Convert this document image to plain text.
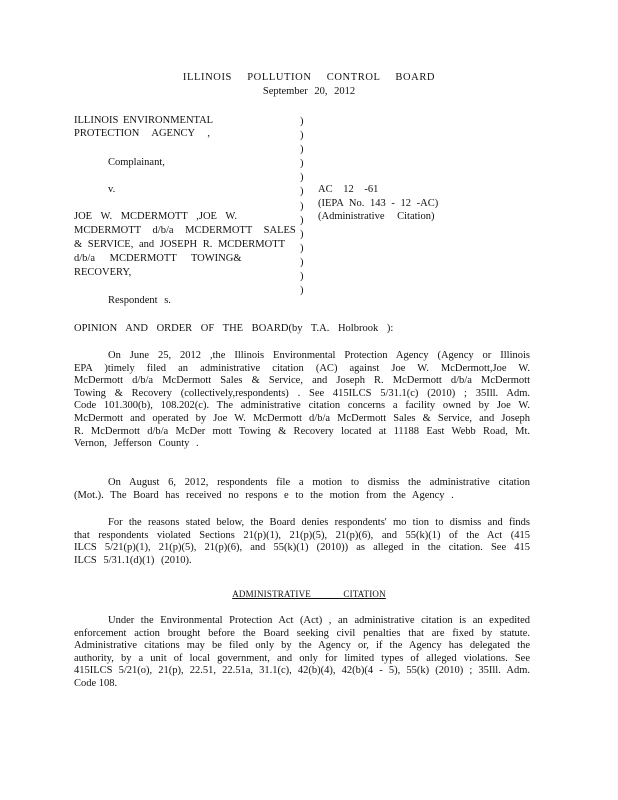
ILLINOIS POLLUTION CONTROL BOARD
September 20, 2012
ILLINOIS ENVIRONMENTAL
PROTECTION AGENCY ,
Complainant,
v.
JOE W. MCDERMOTT ,JOE W.
MCDERMOTT d/b/a MCDERMOTT SALES
& SERVICE, and JOSEPH R. MCDERMOTT
d/b/a MCDERMOTT TOWING&
RECOVERY,
Respondent s.
)
)
)
)
)
)
)
)
)
)
)
)
)
AC 12 -61
(IEPA No. 143 - 12 -AC)
(Administrative Citation)
OPINION AND ORDER OF THE BOARD(by T.A. Holbrook ):
On June 25, 2012 ,the Illinois Environmental Protection Agency (Agency or Illinois
EPA )timely filed an administrative citation (AC) against Joe W. McDermott,Joe W.
McDermott d/b/a McDermott Sales & Service, and Joseph R. McDermott d/b/a McDermott
Towing & Recovery (collectively,respondents) . See 415ILCS 5/31.1(c) (2010) ; 35Ill. Adm.
Code 101.300(b), 108.202(c). The administrative citation concerns a facility owned by Joe W.
McDermott and operated by Joe W. McDermott d/b/a McDermott Sales & Service, and Joseph
R. McDermott d/b/a McDer mott Towing & Recovery located at 11188 East Webb Road, Mt.
Vernon, Jefferson County .
On August 6, 2012, respondents file a motion to dismiss the administrative citation
(Mot.). The Board has received no respons e to the motion from the Agency .
For the reasons stated below, the Board denies respondents' mo tion to dismiss and finds
that respondents violated Sections 21(p)(1), 21(p)(5), 21(p)(6), and 55(k)(1) of the Act (415
ILCS 5/21(p)(1), 21(p)(5), 21(p)(6), and 55(k)(1) (2010)) as alleged in the citation. See 415
ILCS 5/31.1(d)(1) (2010).
ADMINISTRATIVE CITATION
Under the Environmental Protection Act (Act) , an administrative citation is an expedited
enforcement action brought before the Board seeking civil penalties that are fixed by statute.
Administrative citations may be filed only by the Agency or, if the Agency has delegated the
authority, by a unit of local government, and only for limited types of alleged violations. See
415ILCS 5/21(o), 21(p), 22.51, 22.51a, 31.1(c), 42(b)(4), 42(b)(4 - 5), 55(k) (2010) ; 35Ill. Adm.
Code 108.
